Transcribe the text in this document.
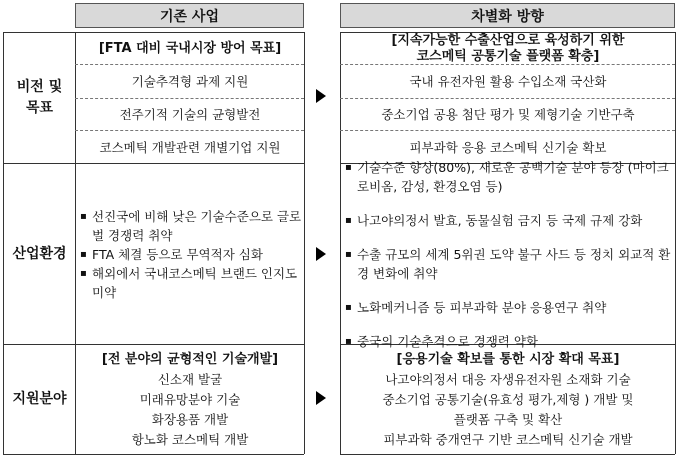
기존 사업	차별화 방향
비전 및
목표
산업환경
지원분야
[FTA 대비 국내시장 방어 목표]
기술추격형 과제 지원
전주기적 기술의 균형발전
코스메틱 개발관련 개별기업 지원
[지속가능한 수출산업으로 육성하기 위한
코스메틱 공통기술 플랫폼 확충]
국내 유전자원 활용 수입소재 국산화
중소기업 공용 첨단 평가 및 제형기술 기반구축
피부과학 응용 코스메틱 신기술 확보
▪ 선진국에 비해 낮은 기술수준으로 글로벌 경쟁력 취약
▪ FTA 체결 등으로 무역적자 심화
▪ 해외에서 국내코스메틱 브랜드 인지도 미약
▪ 기술수준 향상(80%), 새로운 공백기술 분야 등장 (마이크로비옴, 감성, 환경오염 등)
▪ 나고야의정서 발효, 동물실험 금지 등 국제 규제 강화
▪ 수출 규모의 세계 5위권 도약 불구 사드 등 정치 외교적 환경 변화에 취약
▪ 노화메커니즘 등 피부과학 분야 응용연구 취약
▪ 중국의 기술추격으로 경쟁력 약화
[전 분야의 균형적인 기술개발]
신소재 발굴
미래유망분야 기술
화장용품 개발
항노화 코스메틱 개발
[응용기술 확보를 통한 시장 확대 목표]
나고야의정서 대응 자생유전자원 소재화 기술
중소기업 공통기술(유효성 평가,제형 ) 개발 및
플랫폼 구축 및 확산
피부과학 중개연구 기반 코스메틱 신기술 개발
